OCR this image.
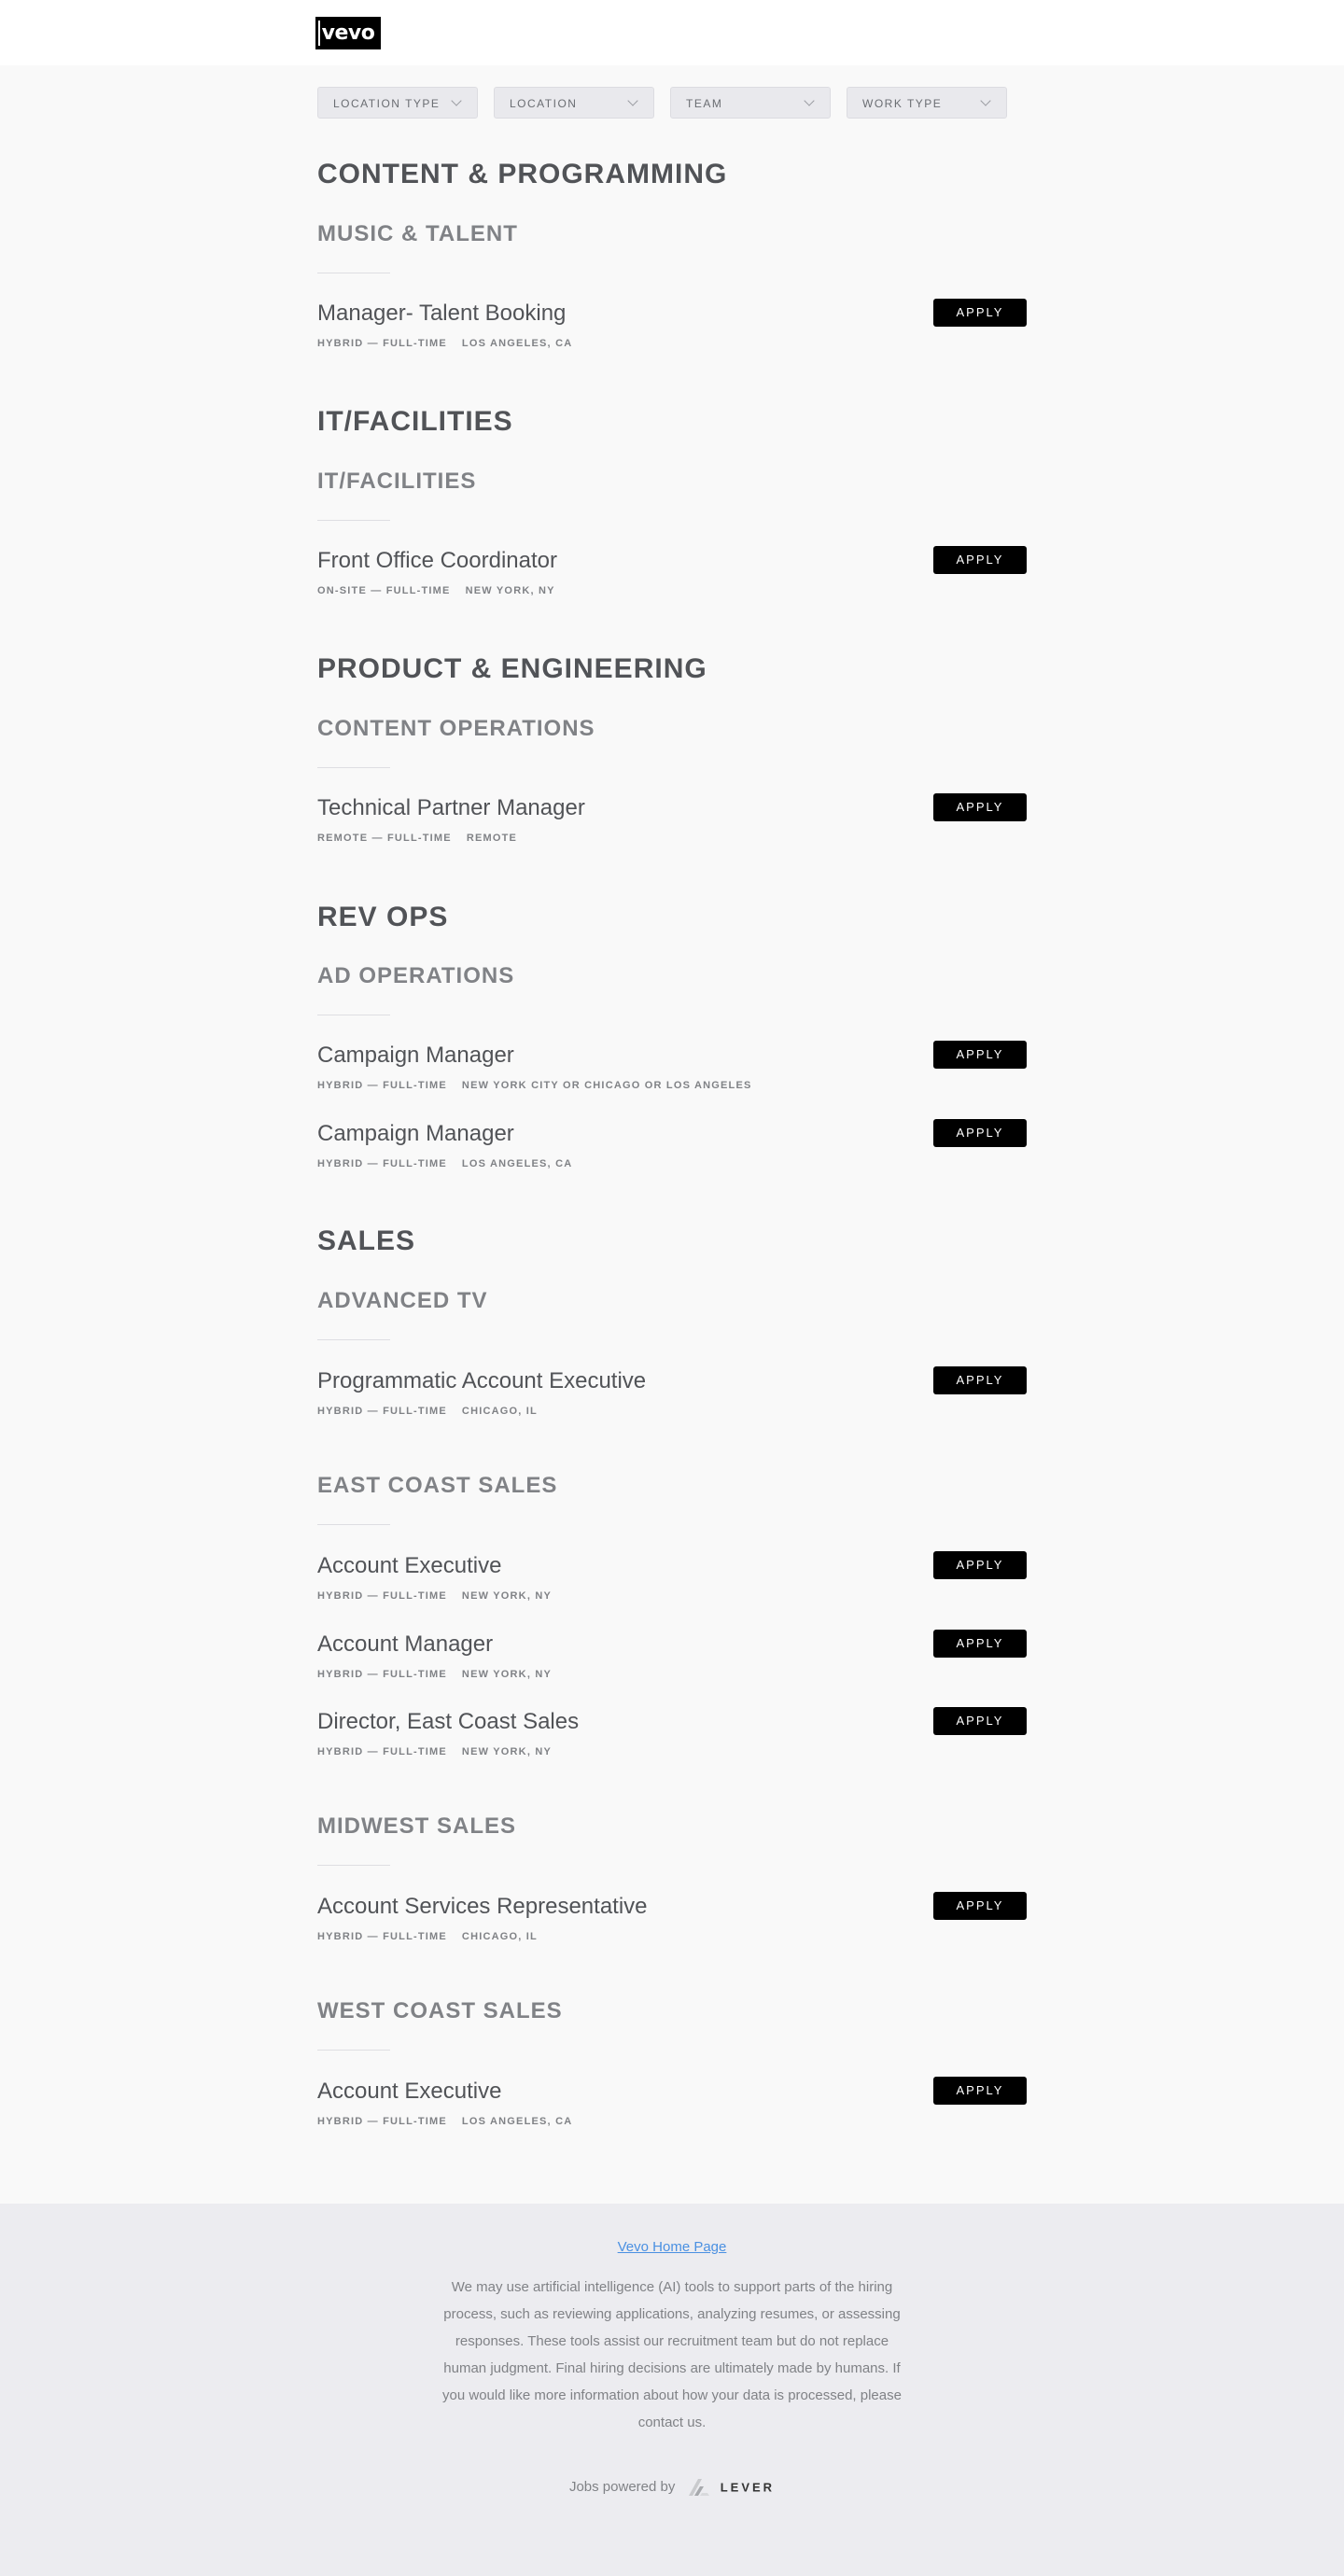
vevo
LOCATION TYPE	LOCATION	TEAM	WORK TYPE
CONTENT & PROGRAMMING
MUSIC & TALENT
Manager- Talent Booking
HYBRID — FULL-TIME LOS ANGELES, CA
APPLY
IT/FACILITIES
IT/FACILITIES
Front Office Coordinator
ON-SITE — FULL-TIME NEW YORK, NY
APPLY
PRODUCT & ENGINEERING
CONTENT OPERATIONS
Technical Partner Manager
REMOTE — FULL-TIME REMOTE
APPLY
REV OPS
AD OPERATIONS
Campaign Manager
HYBRID — FULL-TIME NEW YORK CITY OR CHICAGO OR LOS ANGELES
APPLY
Campaign Manager
HYBRID — FULL-TIME LOS ANGELES, CA
APPLY
SALES
ADVANCED TV
Programmatic Account Executive
HYBRID — FULL-TIME CHICAGO, IL
APPLY
EAST COAST SALES
Account Executive
HYBRID — FULL-TIME NEW YORK, NY
APPLY
Account Manager
HYBRID — FULL-TIME NEW YORK, NY
APPLY
Director, East Coast Sales
HYBRID — FULL-TIME NEW YORK, NY
APPLY
MIDWEST SALES
Account Services Representative
HYBRID — FULL-TIME CHICAGO, IL
APPLY
WEST COAST SALES
Account Executive
HYBRID — FULL-TIME LOS ANGELES, CA
APPLY
Vevo Home Page
We may use artificial intelligence (AI) tools to support parts of the hiring process, such as reviewing applications, analyzing resumes, or assessing responses. These tools assist our recruitment team but do not replace human judgment. Final hiring decisions are ultimately made by humans. If you would like more information about how your data is processed, please contact us.
Jobs powered by	LEVER
